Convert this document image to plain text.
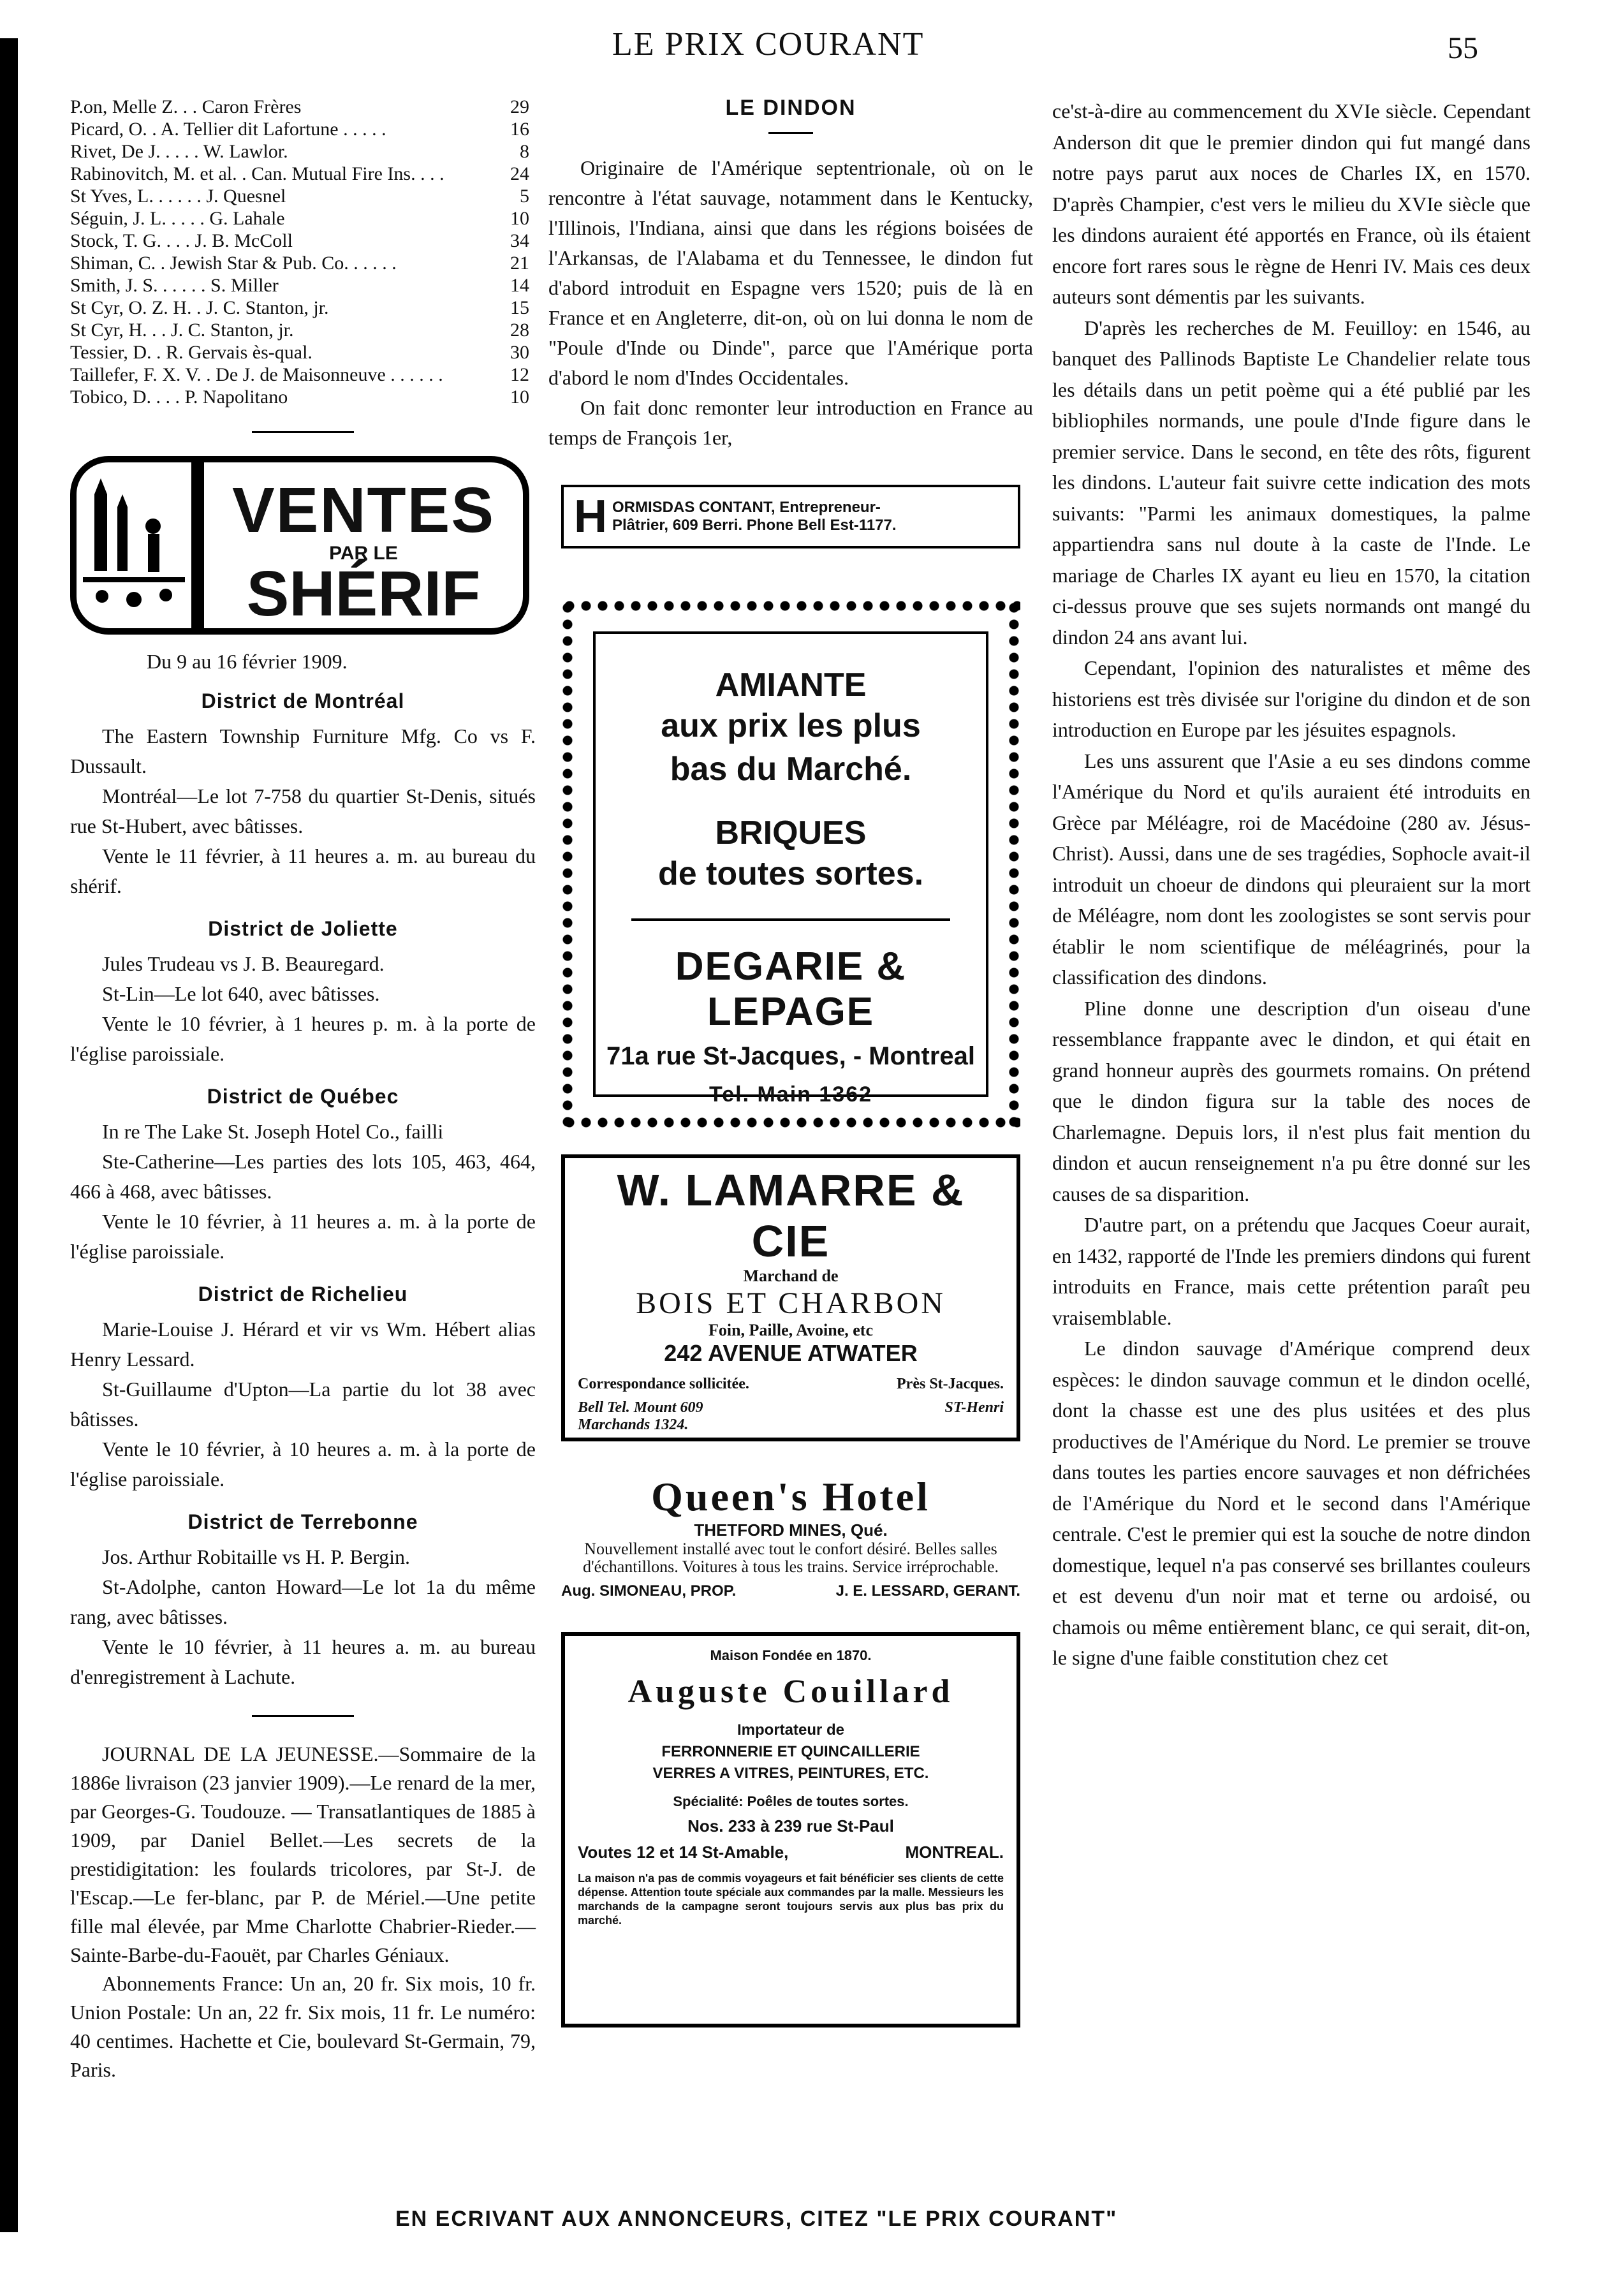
LE PRIX COURANT	55
P.on, Melle Z. . . Caron Frères	29
Picard, O. . A. Tellier dit Lafortune . . . . .	16
Rivet, De J. . . . . W. Lawlor.	8
Rabinovitch, M. et al. . Can. Mutual Fire Ins. . . .	24
St Yves, L. . . . . . J. Quesnel	5
Séguin, J. L. . . . . G. Lahale	10
Stock, T. G. . . . J. B. McColl	34
Shiman, C. . Jewish Star & Pub. Co. . . . . .	21
Smith, J. S. . . . . . S. Miller	14
St Cyr, O. Z. H. . J. C. Stanton, jr.	15
St Cyr, H. . . J. C. Stanton, jr.	28
Tessier, D. . R. Gervais ès-qual.	30
Taillefer, F. X. V. . De J. de Maisonneuve . . . . . .	12
Tobico, D. . . . P. Napolitano	10
VENTES
PAR LE
SHÉRIF
Du 9 au 16 février 1909.
District de Montréal

The Eastern Township Furniture Mfg. Co vs F. Dussault.

Montréal—Le lot 7-758 du quartier St-Denis, situés rue St-Hubert, avec bâtisses.

Vente le 11 février, à 11 heures a. m. au bureau du shérif.

District de Joliette

Jules Trudeau vs J. B. Beauregard.

St-Lin—Le lot 640, avec bâtisses.

Vente le 10 février, à 1 heures p. m. à la porte de l'église paroissiale.

District de Québec

In re The Lake St. Joseph Hotel Co., failli

Ste-Catherine—Les parties des lots 105, 463, 464, 466 à 468, avec bâtisses.

Vente le 10 février, à 11 heures a. m. à la porte de l'église paroissiale.

District de Richelieu

Marie-Louise J. Hérard et vir vs Wm. Hébert alias Henry Lessard.

St-Guillaume d'Upton—La partie du lot 38 avec bâtisses.

Vente le 10 février, à 10 heures a. m. à la porte de l'église paroissiale.

District de Terrebonne

Jos. Arthur Robitaille vs H. P. Bergin.

St-Adolphe, canton Howard—Le lot 1a du même rang, avec bâtisses.

Vente le 10 février, à 11 heures a. m. au bureau d'enregistrement à Lachute.

JOURNAL DE LA JEUNESSE.—Sommaire de la 1886e livraison (23 janvier 1909).—Le renard de la mer, par Georges-G. Toudouze. — Transatlantiques de 1885 à 1909, par Daniel Bellet.—Les secrets de la prestidigitation: les foulards tricolores, par St-J. de l'Escap.—Le fer-blanc, par P. de Mériel.—Une petite fille mal élevée, par Mme Charlotte Chabrier-Rieder.—Sainte-Barbe-du-Faouët, par Charles Géniaux.

Abonnements France: Un an, 20 fr. Six mois, 10 fr. Union Postale: Un an, 22 fr. Six mois, 11 fr. Le numéro: 40 centimes. Hachette et Cie, boulevard St-Germain, 79, Paris.

LE DINDON

Originaire de l'Amérique septentrionale, où on le rencontre à l'état sauvage, notamment dans le Kentucky, l'Illinois, l'Indiana, ainsi que dans les régions boisées de l'Arkansas, de l'Alabama et du Tennessee, le dindon fut d'abord introduit en Espagne vers 1520; puis de là en France et en Angleterre, dit-on, où on lui donna le nom de "Poule d'Inde ou Dinde", parce que l'Amérique porta d'abord le nom d'Indes Occidentales.

On fait donc remonter leur introduction en France au temps de François 1er,

H ORMISDAS CONTANT, Entrepreneur-
Plâtrier, 609 Berri. Phone Bell Est-1177.
AMIANTE
aux prix les plus
bas du Marché.
BRIQUES
de toutes sortes.
DEGARIE & LEPAGE
71a rue St-Jacques, - Montreal
Tel. Main 1362
W. LAMARRE & CIE
Marchand de
BOIS ET CHARBON
Foin, Paille, Avoine, etc
242 AVENUE ATWATER
Correspondance sollicitée.	Près St-Jacques.
Bell Tel. Mount 609	ST-Henri
Marchands 1324.
Queen's Hotel
THETFORD MINES, Qué.
Nouvellement installé avec tout le confort désiré. Belles salles d'échantillons. Voitures à tous les trains. Service irréprochable.
Aug. SIMONEAU, PROP.	J. E. LESSARD, GERANT.
Maison Fondée en 1870.
Auguste Couillard
Importateur de
FERRONNERIE ET QUINCAILLERIE
VERRES A VITRES, PEINTURES, ETC.
Spécialité: Poêles de toutes sortes.
Nos. 233 à 239 rue St-Paul
Voutes 12 et 14 St-Amable,	MONTREAL.
La maison n'a pas de commis voyageurs et fait bénéficier ses clients de cette dépense. Attention toute spéciale aux commandes par la malle. Messieurs les marchands de la campagne seront toujours servis aux plus bas prix du marché.

ce'st-à-dire au commencement du XVIe siècle. Cependant Anderson dit que le premier dindon qui fut mangé dans notre pays parut aux noces de Charles IX, en 1570. D'après Champier, c'est vers le milieu du XVIe siècle que les dindons auraient été apportés en France, où ils étaient encore fort rares sous le règne de Henri IV. Mais ces deux auteurs sont démentis par les suivants.

D'après les recherches de M. Feuilloy: en 1546, au banquet des Pallinods Baptiste Le Chandelier relate tous les détails dans un petit poème qui a été publié par les bibliophiles normands, une poule d'Inde figure dans le premier service. Dans le second, en tête des rôts, figurent les dindons. L'auteur fait suivre cette indication des mots suivants: "Parmi les animaux domestiques, la palme appartiendra sans nul doute à la caste de l'Inde. Le mariage de Charles IX ayant eu lieu en 1570, la citation ci-dessus prouve que ses sujets normands ont mangé du dindon 24 ans avant lui.

Cependant, l'opinion des naturalistes et même des historiens est très divisée sur l'origine du dindon et de son introduction en Europe par les jésuites espagnols.

Les uns assurent que l'Asie a eu ses dindons comme l'Amérique du Nord et qu'ils auraient été introduits en Grèce par Méléagre, roi de Macédoine (280 av. Jésus-Christ). Aussi, dans une de ses tragédies, Sophocle avait-il introduit un choeur de dindons qui pleuraient sur la mort de Méléagre, nom dont les zoologistes se sont servis pour établir le nom scientifique de méléagrinés, pour la classification des dindons.

Pline donne une description d'un oiseau d'une ressemblance frappante avec le dindon, et qui était en grand honneur auprès des gourmets romains. On prétend que le dindon figura sur la table des noces de Charlemagne. Depuis lors, il n'est plus fait mention du dindon et aucun renseignement n'a pu être donné sur les causes de sa disparition.

D'autre part, on a prétendu que Jacques Coeur aurait, en 1432, rapporté de l'Inde les premiers dindons qui furent introduits en France, mais cette prétention paraît peu vraisemblable.

Le dindon sauvage d'Amérique comprend deux espèces: le dindon sauvage commun et le dindon ocellé, dont la chasse est une des plus usitées et des plus productives de l'Amérique du Nord. Le premier se trouve dans toutes les parties encore sauvages et non défrichées de l'Amérique du Nord et le second dans l'Amérique centrale. C'est le premier qui est la souche de notre dindon domestique, lequel n'a pas conservé ses brillantes couleurs et est devenu d'un noir mat et terne ou ardoisé, ou chamois ou même entièrement blanc, ce qui serait, dit-on, le signe d'une faible constitution chez cet

EN ECRIVANT AUX ANNONCEURS, CITEZ "LE PRIX COURANT"
